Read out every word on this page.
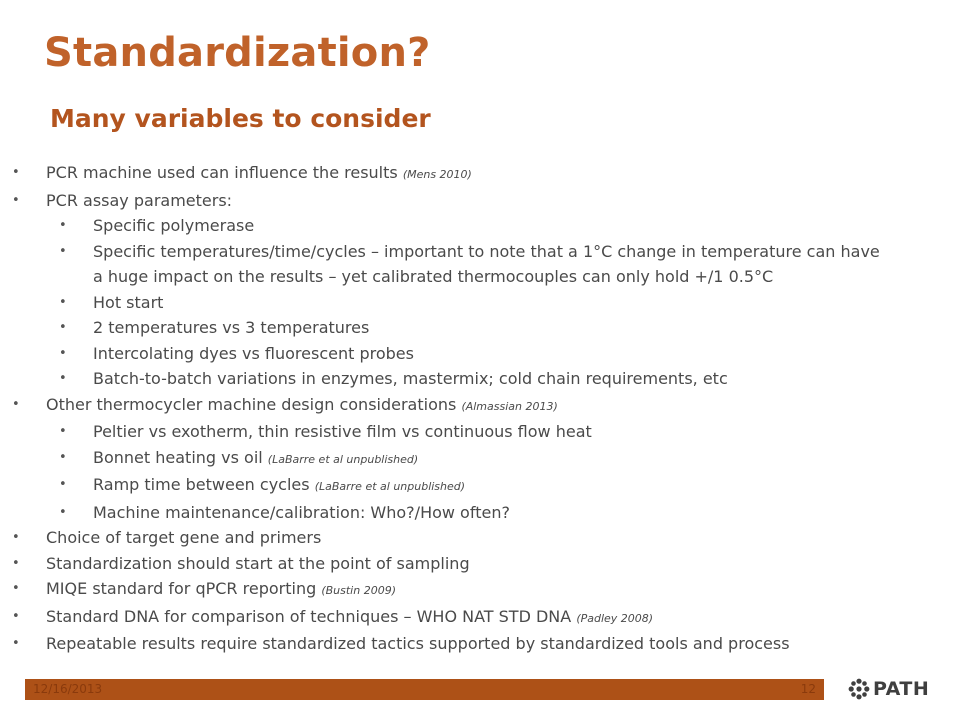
Standardization?
Many variables to consider
• PCR machine used can influence the results (Mens 2010)
• PCR assay parameters:
• Specific polymerase
• Specific temperatures/time/cycles – important to note that a 1°C change in temperature can have
a huge impact on the results – yet calibrated thermocouples can only hold +/1 0.5°C
• Hot start
• 2 temperatures vs 3 temperatures
• Intercolating dyes vs fluorescent probes
• Batch-to-batch variations in enzymes, mastermix; cold chain requirements, etc
• Other thermocycler machine design considerations (Almassian 2013)
• Peltier vs exotherm, thin resistive film vs continuous flow heat
• Bonnet heating vs oil (LaBarre et al unpublished)
• Ramp time between cycles (LaBarre et al unpublished)
• Machine maintenance/calibration: Who?/How often?
• Choice of target gene and primers
• Standardization should start at the point of sampling
• MIQE standard for qPCR reporting (Bustin 2009)
• Standard DNA for comparison of techniques – WHO NAT STD DNA (Padley 2008)
• Repeatable results require standardized tactics supported by standardized tools and process
12/16/2013	12	PATH
